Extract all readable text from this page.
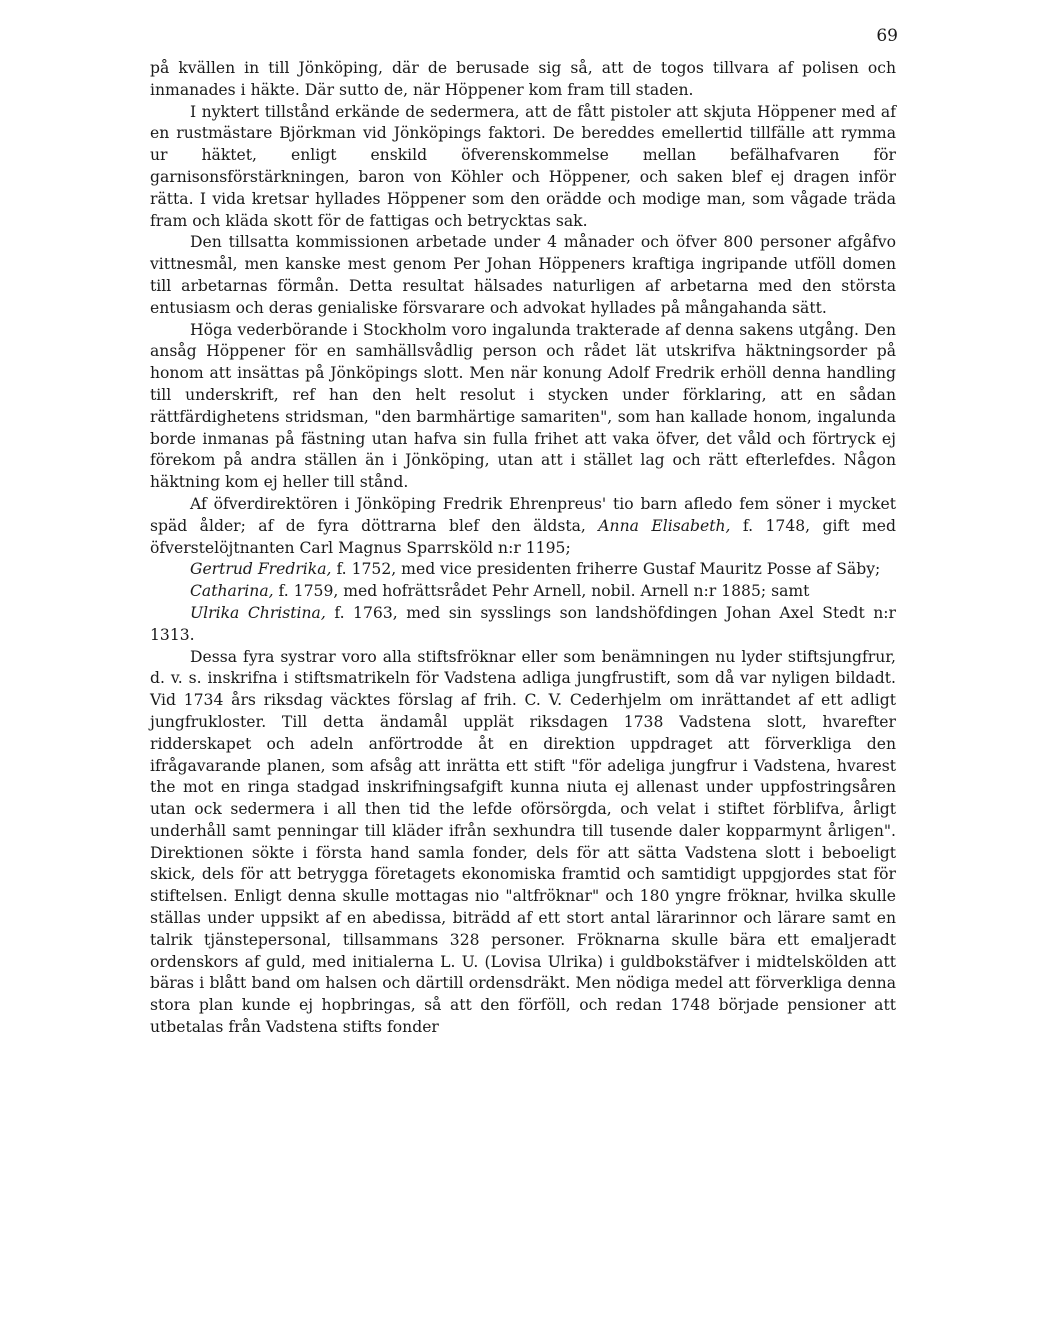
69

på kvällen in till Jönköping, där de berusade sig så, att de togos tillvara af polisen och inmanades i häkte. Där sutto de, när Höppener kom fram till staden.

I nyktert tillstånd erkände de sedermera, att de fått pistoler att skjuta Höppener med af en rustmästare Björkman vid Jönköpings faktori. De bereddes emellertid tillfälle att rymma ur häktet, enligt enskild öfverenskommelse mellan befälhafvaren för garnisonsförstärkningen, baron von Köhler och Höppener, och saken blef ej dragen inför rätta. I vida kretsar hyllades Höppener som den orädde och modige man, som vågade träda fram och kläda skott för de fattigas och betrycktas sak.

Den tillsatta kommissionen arbetade under 4 månader och öfver 800 personer afgåfvo vittnesmål, men kanske mest genom Per Johan Höppeners kraftiga ingripande utföll domen till arbetarnas förmån. Detta resultat hälsades naturligen af arbetarna med den största entusiasm och deras genialiske försvarare och advokat hyllades på mångahanda sätt.

Höga vederbörande i Stockholm voro ingalunda trakterade af denna sakens utgång. Den ansåg Höppener för en samhällsvådlig person och rådet lät utskrifva häktningsorder på honom att insättas på Jönköpings slott. Men när konung Adolf Fredrik erhöll denna handling till underskrift, ref han den helt resolut i stycken under förklaring, att en sådan rättfärdighetens stridsman, "den barmhärtige samariten", som han kallade honom, ingalunda borde inmanas på fästning utan hafva sin fulla frihet att vaka öfver, det våld och förtryck ej förekom på andra ställen än i Jönköping, utan att i stället lag och rätt efterlefdes. Någon häktning kom ej heller till stånd.

Af öfverdirektören i Jönköping Fredrik Ehrenpreus' tio barn afledo fem söner i mycket späd ålder; af de fyra döttrarna blef den äldsta, Anna Elisabeth, f. 1748, gift med öfverstelöjtnanten Carl Magnus Sparrsköld n:r 1195;

Gertrud Fredrika, f. 1752, med vice presidenten friherre Gustaf Mauritz Posse af Säby;

Catharina, f. 1759, med hofrättsrådet Pehr Arnell, nobil. Arnell n:r 1885; samt

Ulrika Christina, f. 1763, med sin sysslings son landshöfdingen Johan Axel Stedt n:r 1313.

Dessa fyra systrar voro alla stiftsfröknar eller som benämningen nu lyder stiftsjungfrur, d. v. s. inskrifna i stiftsmatrikeln för Vadstena adliga jungfrustift, som då var nyligen bildadt. Vid 1734 års riksdag väcktes förslag af frih. C. V. Cederhjelm om inrättandet af ett adligt jungfrukloster. Till detta ändamål upplät riksdagen 1738 Vadstena slott, hvarefter ridderskapet och adeln anförtrodde åt en direktion uppdraget att förverkliga den ifrågavarande planen, som afsåg att inrätta ett stift "för adeliga jungfrur i Vadstena, hvarest the mot en ringa stadgad inskrifningsafgift kunna niuta ej allenast under uppfostringsåren utan ock sedermera i all then tid the lefde oförsörgda, och velat i stiftet förblifva, årligt underhåll samt penningar till kläder ifrån sexhundra till tusende daler kopparmynt årligen". Direktionen sökte i första hand samla fonder, dels för att sätta Vadstena slott i beboeligt skick, dels för att betrygga företagets ekonomiska framtid och samtidigt uppgjordes stat för stiftelsen. Enligt denna skulle mottagas nio "altfröknar" och 180 yngre fröknar, hvilka skulle ställas under uppsikt af en abedissa, biträdd af ett stort antal lärarinnor och lärare samt en talrik tjänstepersonal, tillsammans 328 personer. Fröknarna skulle bära ett emaljeradt ordenskors af guld, med initialerna L. U. (Lovisa Ulrika) i guldbokstäfver i midtelskölden att bäras i blått band om halsen och därtill ordensdräkt. Men nödiga medel att förverkliga denna stora plan kunde ej hopbringas, så att den förföll, och redan 1748 började pensioner att utbetalas från Vadstena stifts fonder
